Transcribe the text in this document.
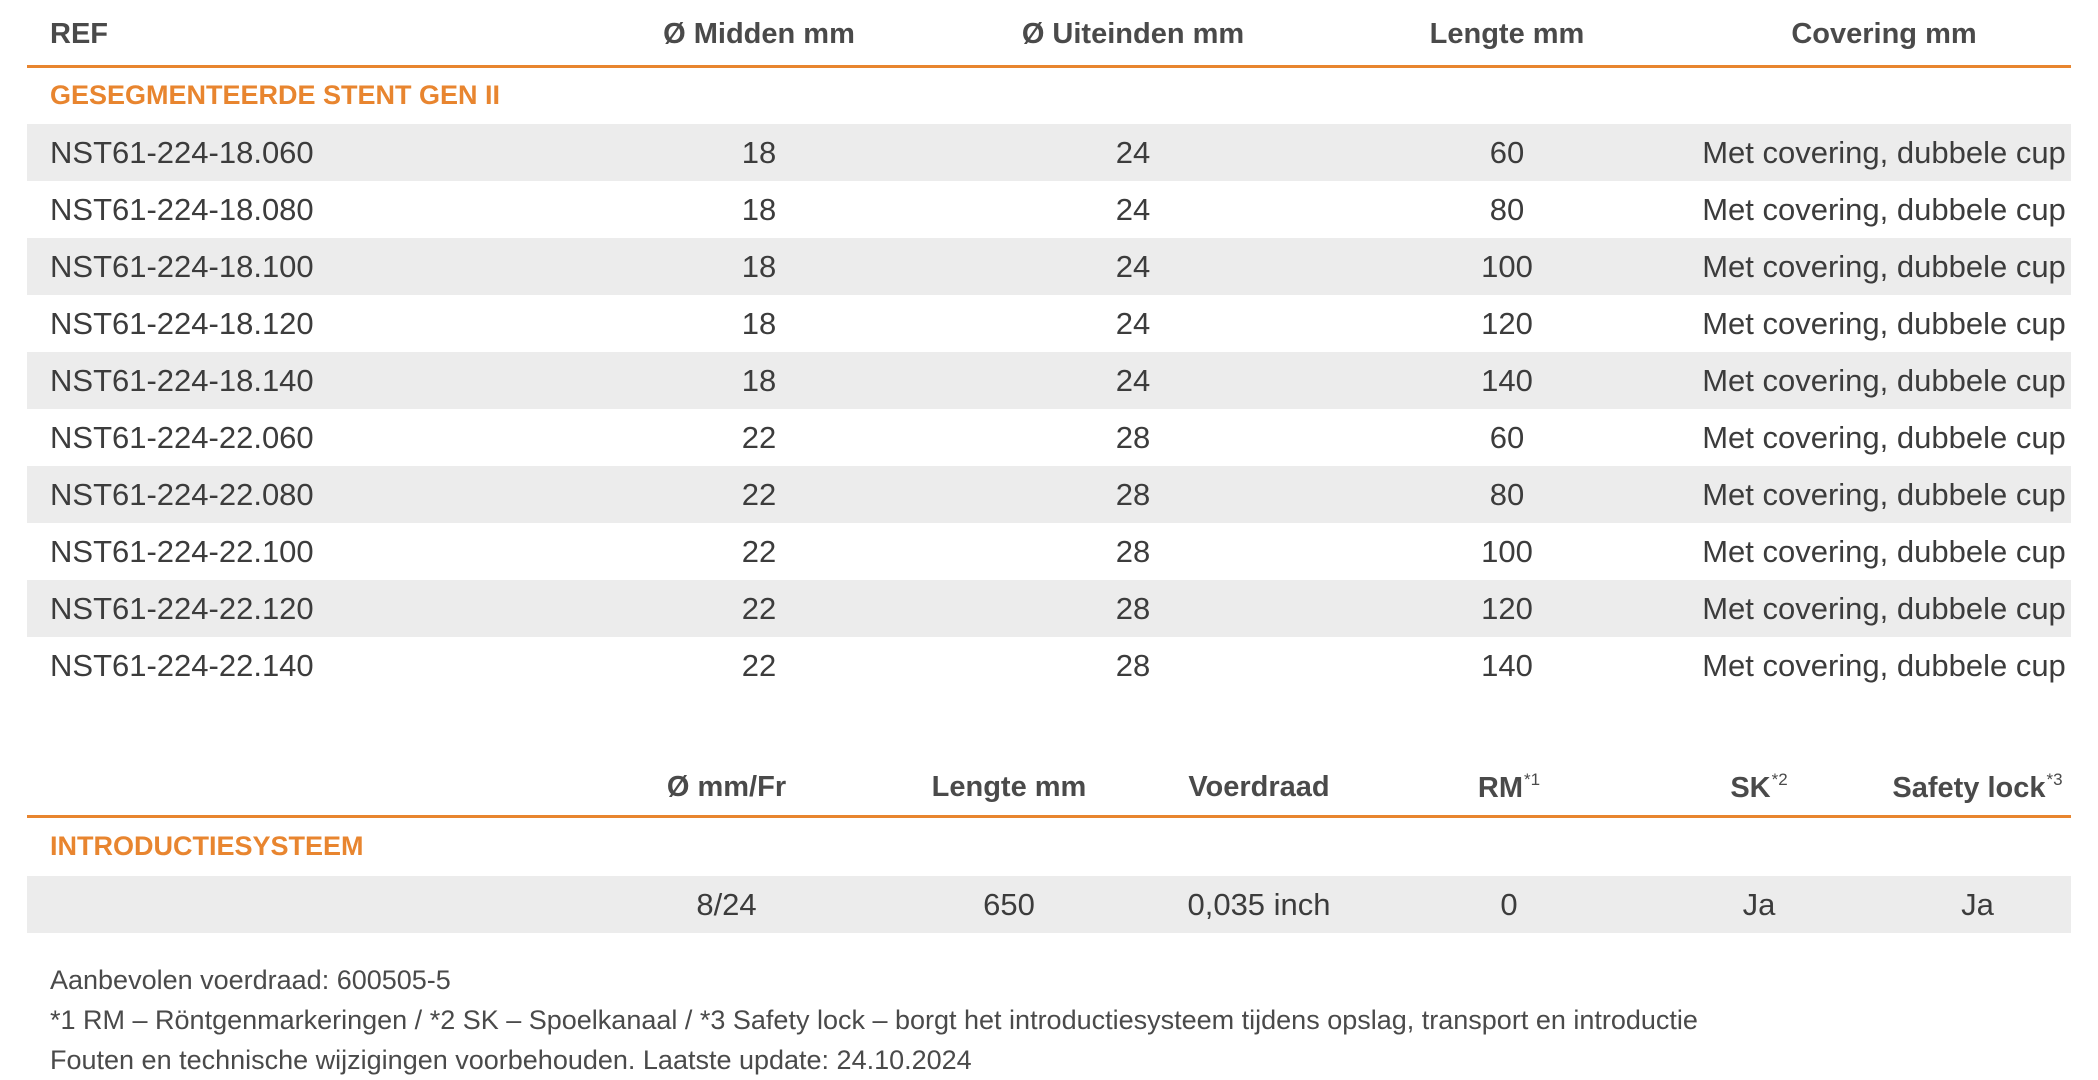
REF	Ø Midden mm	Ø Uiteinden mm	Lengte mm	Covering mm
GESEGMENTEERDE STENT GEN II				
NST61-224-18.060	18	24	60	Met covering, dubbele cup
NST61-224-18.080	18	24	80	Met covering, dubbele cup
NST61-224-18.100	18	24	100	Met covering, dubbele cup
NST61-224-18.120	18	24	120	Met covering, dubbele cup
NST61-224-18.140	18	24	140	Met covering, dubbele cup
NST61-224-22.060	22	28	60	Met covering, dubbele cup
NST61-224-22.080	22	28	80	Met covering, dubbele cup
NST61-224-22.100	22	28	100	Met covering, dubbele cup
NST61-224-22.120	22	28	120	Met covering, dubbele cup
NST61-224-22.140	22	28	140	Met covering, dubbele cup
	Ø mm/Fr	Lengte mm	Voerdraad	RM$^{*1}$	SK$^{*2}$	Safety lock$^{*3}$
INTRODUCTIESYSTEEM						
	8/24	650	0,035 inch	0	Ja	Ja
Aanbevolen voerdraad: 600505-5
*1 RM – Röntgenmarkeringen / *2 SK – Spoelkanaal / *3 Safety lock – borgt het introductiesysteem tijdens opslag, transport en introductie
Fouten en technische wijzigingen voorbehouden. Laatste update: 24.10.2024
